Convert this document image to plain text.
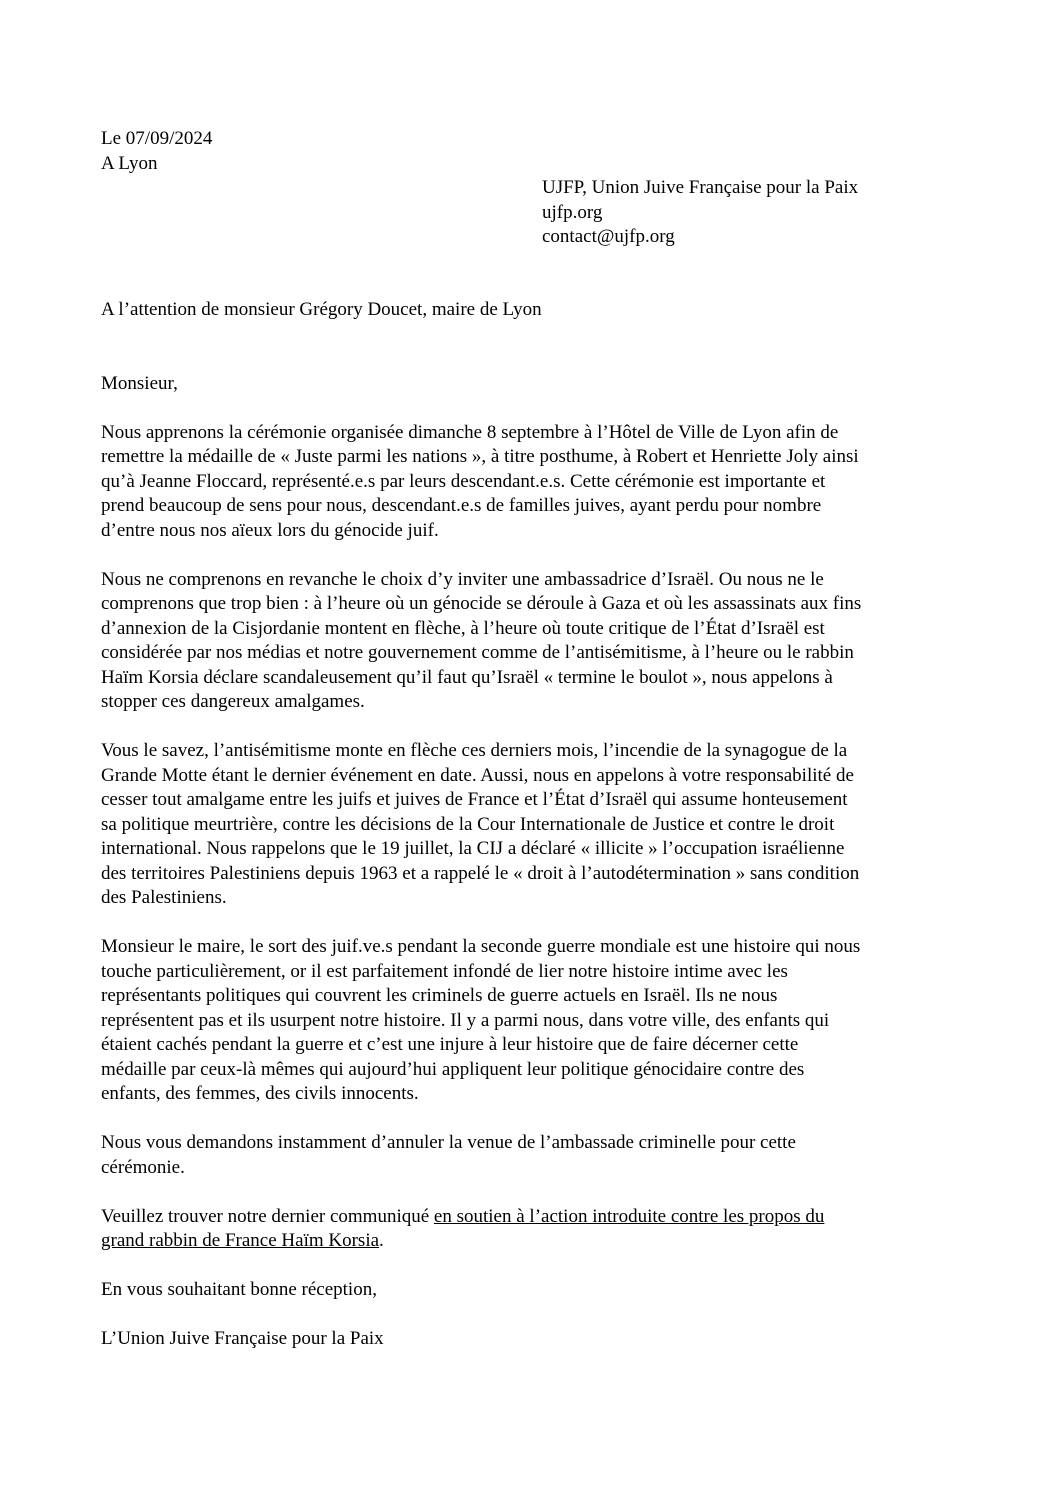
Le 07/09/2024
A Lyon
UJFP, Union Juive Française pour la Paix
ujfp.org
contact@ujfp.org

A l’attention de monsieur Grégory Doucet, maire de Lyon

Monsieur,

Nous apprenons la cérémonie organisée dimanche 8 septembre à l’Hôtel de Ville de Lyon afin de
remettre la médaille de « Juste parmi les nations », à titre posthume, à Robert et Henriette Joly ainsi
qu’à Jeanne Floccard, représenté.e.s par leurs descendant.e.s. Cette cérémonie est importante et
prend beaucoup de sens pour nous, descendant.e.s de familles juives, ayant perdu pour nombre
d’entre nous nos aïeux lors du génocide juif.

Nous ne comprenons en revanche le choix d’y inviter une ambassadrice d’Israël. Ou nous ne le
comprenons que trop bien : à l’heure où un génocide se déroule à Gaza et où les assassinats aux fins
d’annexion de la Cisjordanie montent en flèche, à l’heure où toute critique de l’État d’Israël est
considérée par nos médias et notre gouvernement comme de l’antisémitisme, à l’heure ou le rabbin
Haïm Korsia déclare scandaleusement qu’il faut qu’Israël « termine le boulot », nous appelons à
stopper ces dangereux amalgames.

Vous le savez, l’antisémitisme monte en flèche ces derniers mois, l’incendie de la synagogue de la
Grande Motte étant le dernier événement en date. Aussi, nous en appelons à votre responsabilité de
cesser tout amalgame entre les juifs et juives de France et l’État d’Israël qui assume honteusement
sa politique meurtrière, contre les décisions de la Cour Internationale de Justice et contre le droit
international. Nous rappelons que le 19 juillet, la CIJ a déclaré « illicite » l’occupation israélienne
des territoires Palestiniens depuis 1963 et a rappelé le « droit à l’autodétermination » sans condition
des Palestiniens.

Monsieur le maire, le sort des juif.ve.s pendant la seconde guerre mondiale est une histoire qui nous
touche particulièrement, or il est parfaitement infondé de lier notre histoire intime avec les
représentants politiques qui couvrent les criminels de guerre actuels en Israël. Ils ne nous
représentent pas et ils usurpent notre histoire. Il y a parmi nous, dans votre ville, des enfants qui
étaient cachés pendant la guerre et c’est une injure à leur histoire que de faire décerner cette
médaille par ceux-là mêmes qui aujourd’hui appliquent leur politique génocidaire contre des
enfants, des femmes, des civils innocents.

Nous vous demandons instamment d’annuler la venue de l’ambassade criminelle pour cette
cérémonie.

Veuillez trouver notre dernier communiqué en soutien à l’action introduite contre les propos du
grand rabbin de France Haïm Korsia.

En vous souhaitant bonne réception,

L’Union Juive Française pour la Paix
